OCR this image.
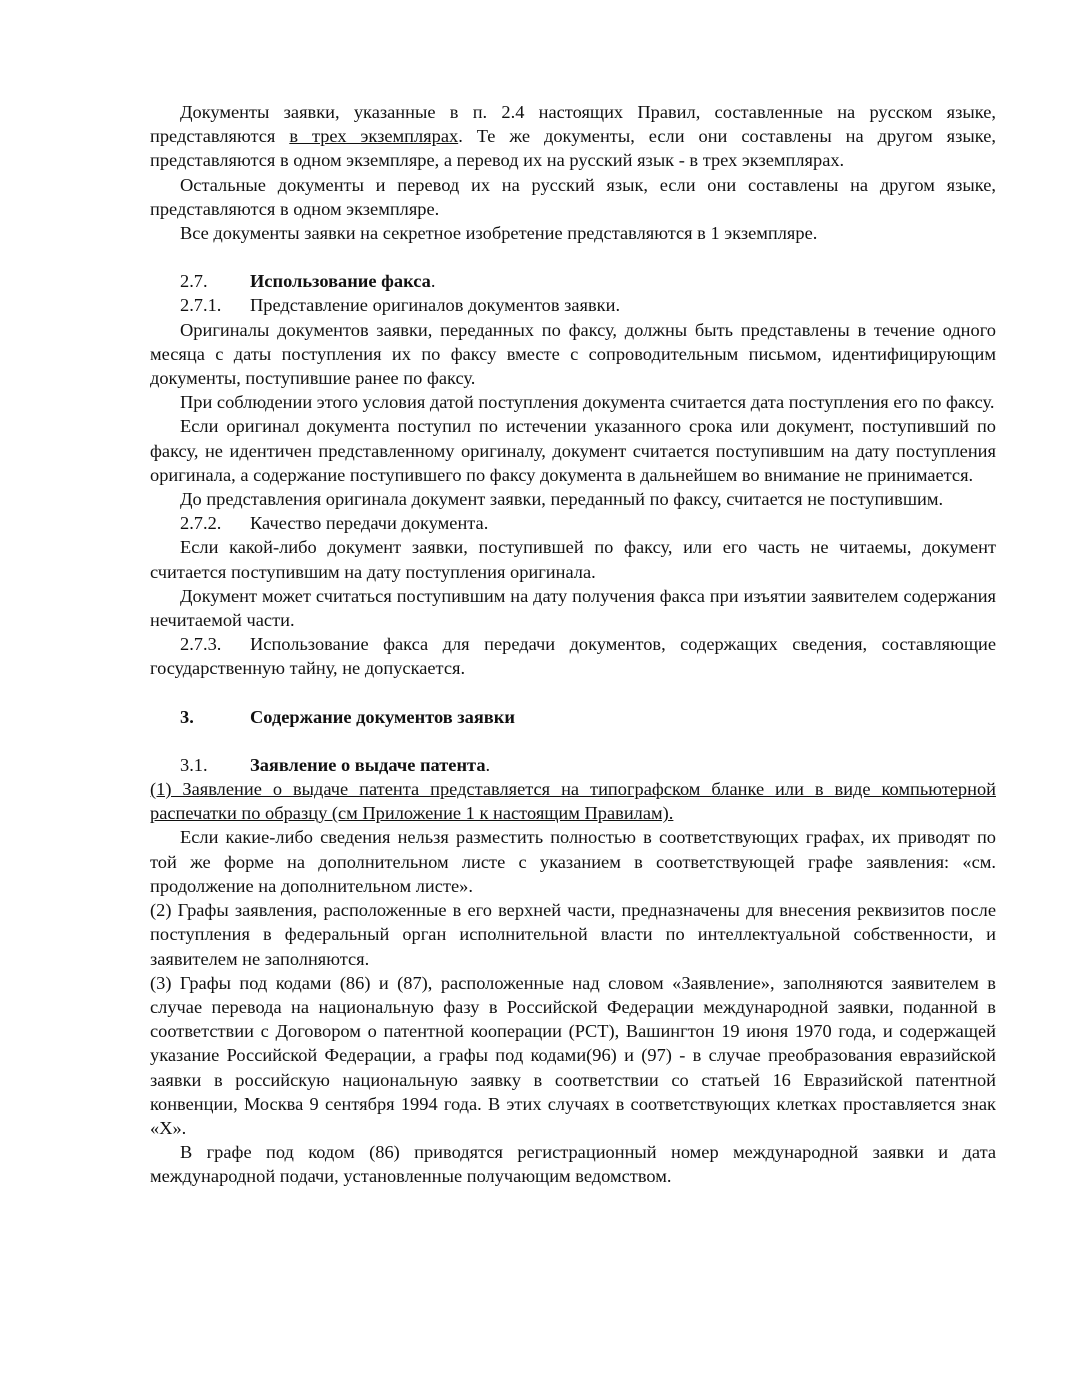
Документы заявки, указанные в п. 2.4 настоящих Правил, составленные на русском языке, представляются в трех экземплярах. Те же документы, если они составлены на другом языке, представляются в одном экземпляре, а перевод их на русский язык - в трех экземплярах.

Остальные документы и перевод их на русский язык, если они составлены на другом языке, представляются в одном экземпляре.

Все документы заявки на секретное изобретение представляются в 1 экземпляре.

2.7. Использование факса.

2.7.1. Представление оригиналов документов заявки.

Оригиналы документов заявки, переданных по факсу, должны быть представлены в течение одного месяца с даты поступления их по факсу вместе с сопроводительным письмом, идентифицирующим документы, поступившие ранее по факсу.

При соблюдении этого условия датой поступления документа считается дата поступления его по факсу.

Если оригинал документа поступил по истечении указанного срока или документ, поступивший по факсу, не идентичен представленному оригиналу, документ считается поступившим на дату поступления оригинала, а содержание поступившего по факсу документа в дальнейшем во внимание не принимается.

До представления оригинала документ заявки, переданный по факсу, считается не поступившим.

2.7.2. Качество передачи документа.

Если какой-либо документ заявки, поступившей по факсу, или его часть не читаемы, документ считается поступившим на дату поступления оригинала.

Документ может считаться поступившим на дату получения факса при изъятии заявителем содержания нечитаемой части.

2.7.3. Использование факса для передачи документов, содержащих сведения, составляющие государственную тайну, не допускается.

3.	Содержание документов заявки

3.1. Заявление о выдаче патента.

(1) Заявление о выдаче патента представляется на типографском бланке или в виде компьютерной распечатки по образцу (см Приложение 1 к настоящим Правилам).

Если какие-либо сведения нельзя разместить полностью в соответствующих графах, их приводят по той же форме на дополнительном листе с указанием в соответствующей графе заявления: «см. продолжение на дополнительном листе».

(2) Графы заявления, расположенные в его верхней части, предназначены для внесения реквизитов после поступления в федеральный орган исполнительной власти по интеллектуальной собственности, и заявителем не заполняются.

(3) Графы под кодами (86) и (87), расположенные над словом «Заявление», заполняются заявителем в случае перевода на национальную фазу в Российской Федерации международной заявки, поданной в соответствии с Договором о патентной кооперации (PCT), Вашингтон 19 июня 1970 года, и содержащей указание Российской Федерации, а графы под кодами(96) и (97) - в случае преобразования евразийской заявки в российскую национальную заявку в соответствии со статьей 16 Евразийской патентной конвенции, Москва 9 сентября 1994 года. В этих случаях в соответствующих клетках проставляется знак «Х».

В графе под кодом (86) приводятся регистрационный номер международной заявки и дата международной подачи, установленные получающим ведомством.
